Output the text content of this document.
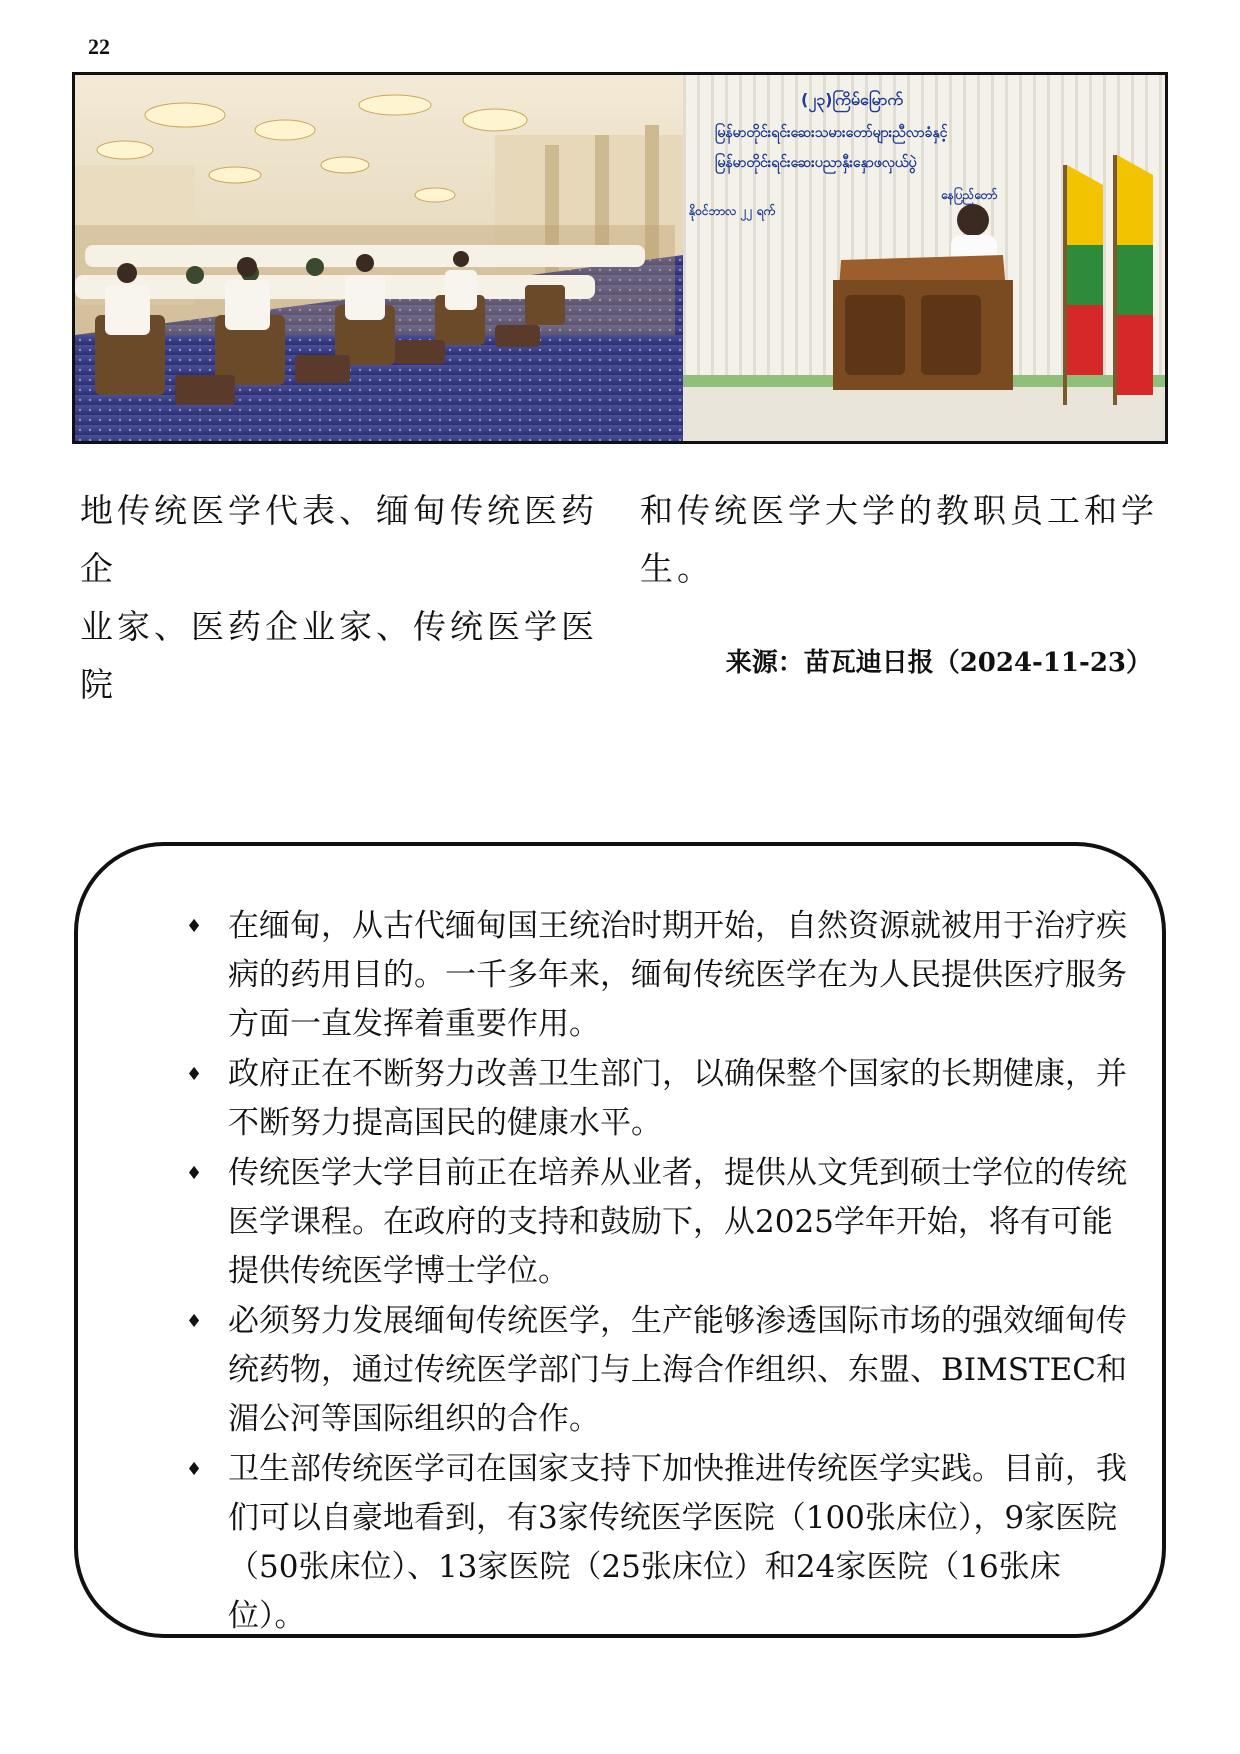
22
(၂၃)ကြိမ်မြောက်
မြန်မာတိုင်းရင်းဆေးသမားတော်များညီလာခံနှင့်
မြန်မာတိုင်းရင်းဆေးပညာနှီးနှောဖလှယ်ပွဲ
နေပြည်တော်
နိုဝင်ဘာလ ၂၂ ရက်

地传统医学代表、缅甸传统医药企

业家、医药企业家、传统医学医院

和传统医学大学的教职员工和学

生。

来源：苗瓦迪日报（2024-11-23）
♦ 在缅甸，从古代缅甸国王统治时期开始，自然资源就被用于治疗疾病的药用目的。一千多年来，缅甸传统医学在为人民提供医疗服务方面一直发挥着重要作用。
♦ 政府正在不断努力改善卫生部门，以确保整个国家的长期健康，并不断努力提高国民的健康水平。
♦ 传统医学大学目前正在培养从业者，提供从文凭到硕士学位的传统医学课程。在政府的支持和鼓励下，从2025学年开始，将有可能提供传统医学博士学位。
♦ 必须努力发展缅甸传统医学，生产能够渗透国际市场的强效缅甸传统药物，通过传统医学部门与上海合作组织、东盟、BIMSTEC和湄公河等国际组织的合作。
♦ 卫生部传统医学司在国家支持下加快推进传统医学实践。目前，我们可以自豪地看到，有3家传统医学医院（100张床位），9家医院（50张床位）、13家医院（25张床位）和24家医院（16张床位）。
